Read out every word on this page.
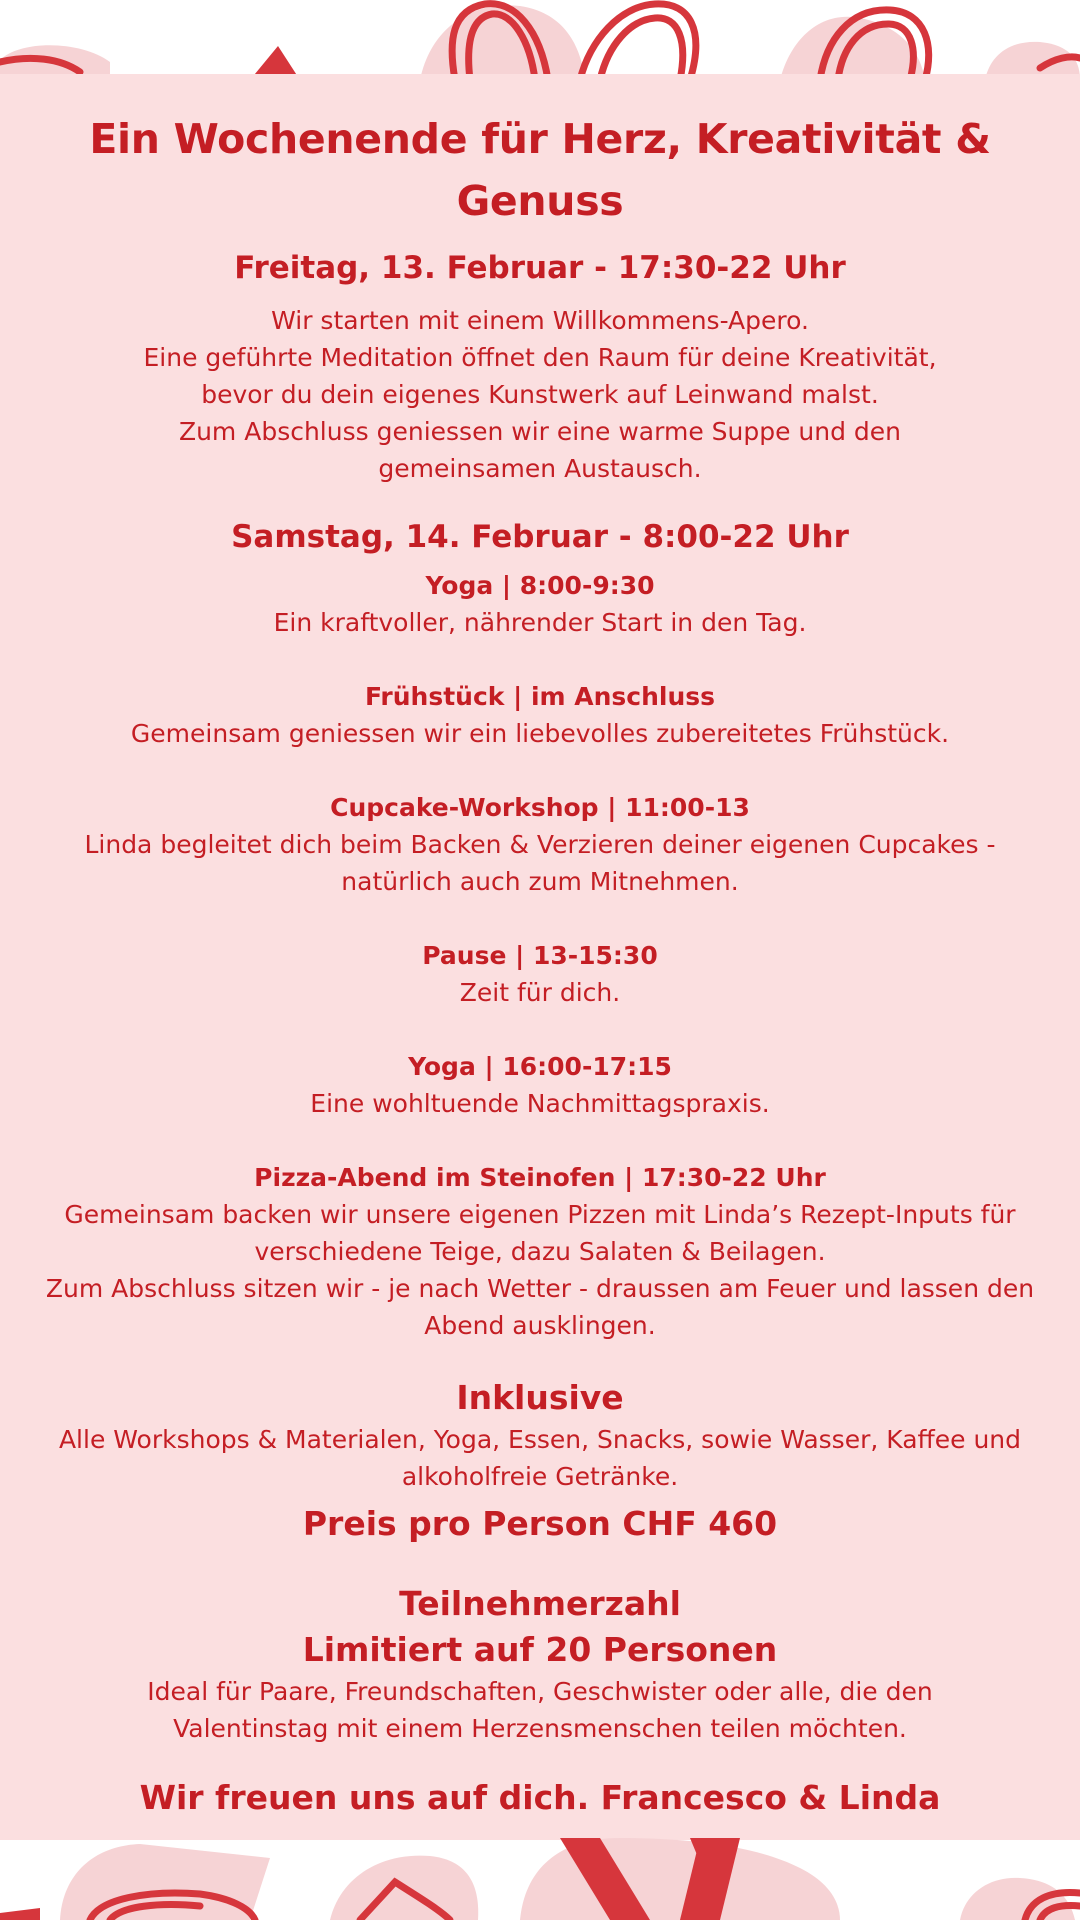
Ein Wochenende für Herz, Kreativität & Genuss
Freitag, 13. Februar - 17:30-22 Uhr

Wir starten mit einem Willkommens-Apero.
Eine geführte Meditation öffnet den Raum für deine Kreativität,
bevor du dein eigenes Kunstwerk auf Leinwand malst.
Zum Abschluss geniessen wir eine warme Suppe und den
gemeinsamen Austausch.

Samstag, 14. Februar - 8:00-22 Uhr

Yoga | 8:00-9:30

Ein kraftvoller, nährender Start in den Tag.

Frühstück | im Anschluss

Gemeinsam geniessen wir ein liebevolles zubereitetes Frühstück.

Cupcake-Workshop | 11:00-13

Linda begleitet dich beim Backen & Verzieren deiner eigenen Cupcakes -
natürlich auch zum Mitnehmen.

Pause | 13-15:30

Zeit für dich.

Yoga | 16:00-17:15

Eine wohltuende Nachmittagspraxis.

Pizza-Abend im Steinofen | 17:30-22 Uhr

Gemeinsam backen wir unsere eigenen Pizzen mit Linda’s Rezept-Inputs für
verschiedene Teige, dazu Salaten & Beilagen.
Zum Abschluss sitzen wir - je nach Wetter - draussen am Feuer und lassen den
Abend ausklingen.

Inklusive

Alle Workshops & Materialen, Yoga, Essen, Snacks, sowie Wasser, Kaffee und
alkoholfreie Getränke.

Preis pro Person CHF 460

Teilnehmerzahl

Limitiert auf 20 Personen

Ideal für Paare, Freundschaften, Geschwister oder alle, die den
Valentinstag mit einem Herzensmenschen teilen möchten.

Wir freuen uns auf dich. Francesco & Linda
